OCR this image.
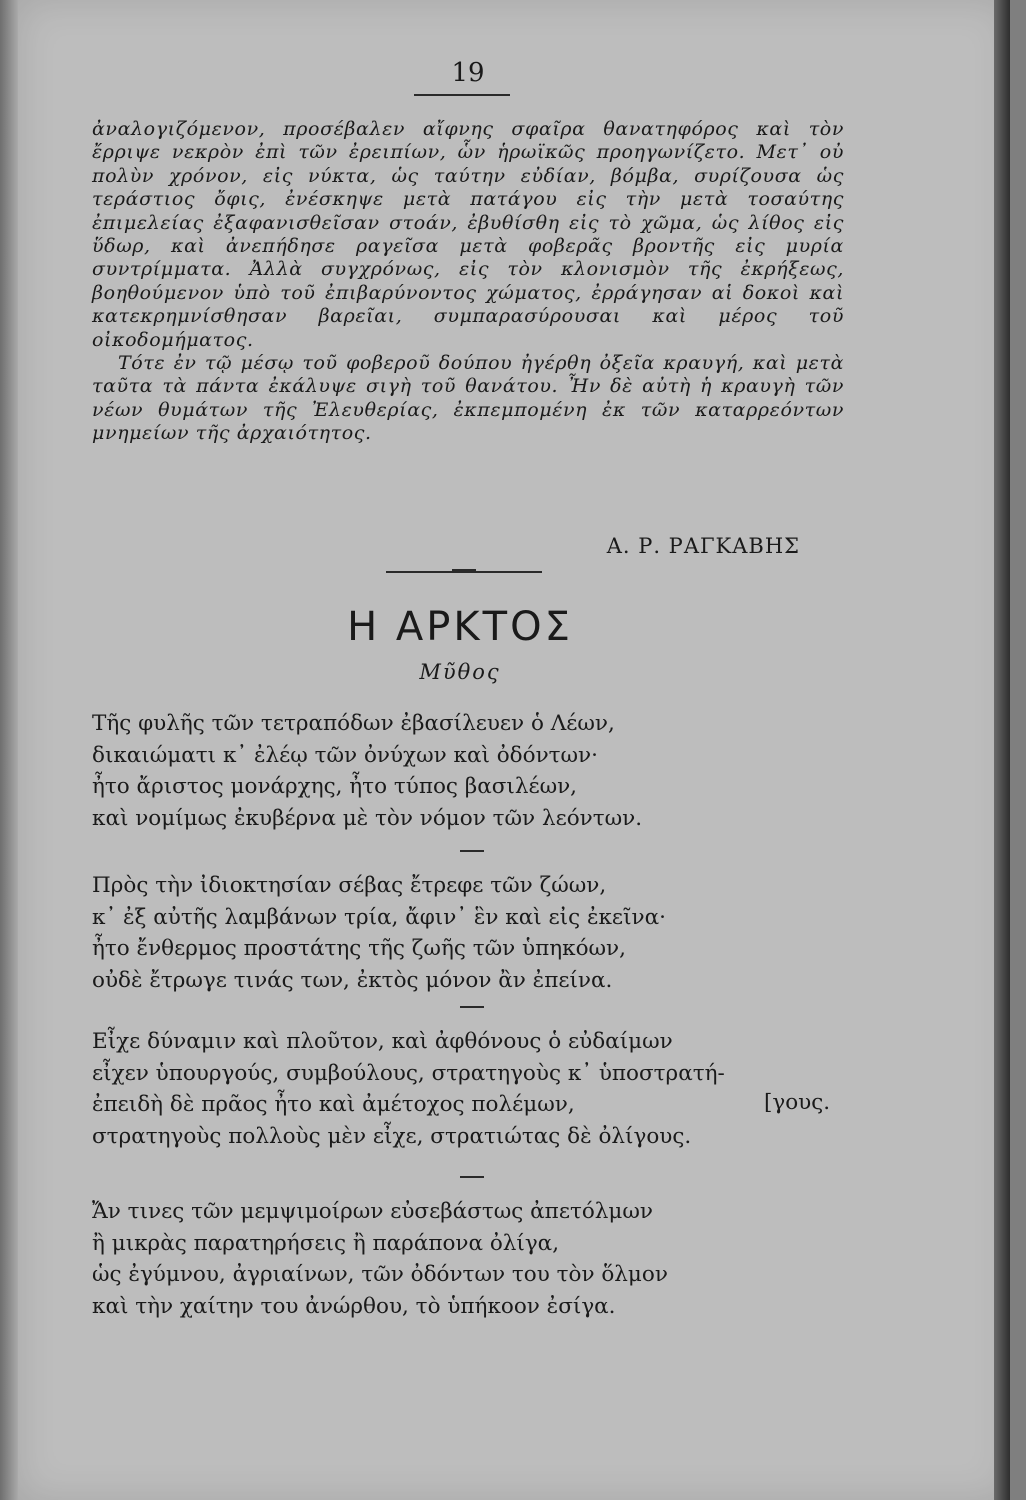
19

ἀναλογιζόμενον, προσέβαλεν αἴφνης σφαῖρα θανατηφόρος καὶ τὸν ἔρριψε νεκρὸν ἐπὶ τῶν ἐρειπίων, ὧν ἡρωϊκῶς προηγωνίζετο. Μετ᾽ οὐ πολὺν χρόνον, εἰς νύκτα, ὡς ταύτην εὐδίαν, βόμβα, συρίζουσα ὡς τεράστιος ὄφις, ἐνέσκηψε μετὰ πατάγου εἰς τὴν μετὰ τοσαύτης ἐπιμελείας ἐξαφανισθεῖσαν στοάν, ἐβυθίσθη εἰς τὸ χῶμα, ὡς λίθος εἰς ὕδωρ, καὶ ἀνεπήδησε ραγεῖσα μετὰ φοβερᾶς βροντῆς εἰς μυρία συντρίμματα. Ἀλλὰ συγχρόνως, εἰς τὸν κλονισμὸν τῆς ἐκρήξεως, βοηθούμενον ὑπὸ τοῦ ἐπιβαρύνοντος χώματος, ἐρράγησαν αἱ δοκοὶ καὶ κατεκρημνίσθησαν βαρεῖαι, συμπαρασύρουσαι καὶ μέρος τοῦ οἰκοδομήματος.

Τότε ἐν τῷ μέσῳ τοῦ φοβεροῦ δούπου ἠγέρθη ὀξεῖα κραυγή, καὶ μετὰ ταῦτα τὰ πάντα ἐκάλυψε σιγὴ τοῦ θανάτου. Ἦν δὲ αὐτὴ ἡ κραυγὴ τῶν νέων θυμάτων τῆς Ἐλευθερίας, ἐκπεμπομένη ἐκ τῶν καταρρεόντων μνημείων τῆς ἀρχαιότητος.

Α. Ρ. ΡΑΓΚΑΒΗΣ
Η ΑΡΚΤΟΣ
Μῦθος
Τῆς φυλῆς τῶν τετραπόδων ἐβασίλευεν ὁ Λέων,
δικαιώματι κ᾽ ἐλέῳ τῶν ὀνύχων καὶ ὀδόντων·
ἦτο ἄριστος μονάρχης, ἦτο τύπος βασιλέων,
καὶ νομίμως ἐκυβέρνα μὲ τὸν νόμον τῶν λεόντων.
Πρὸς τὴν ἰδιοκτησίαν σέβας ἔτρεφε τῶν ζώων,
κ᾽ ἐξ αὐτῆς λαμβάνων τρία, ἄφιν᾽ ἓν καὶ εἰς ἐκεῖνα·
ἦτο ἔνθερμος προστάτης τῆς ζωῆς τῶν ὑπηκόων,
οὐδὲ ἔτρωγε τινάς των, ἐκτὸς μόνον ἂν ἐπείνα.
Εἶχε δύναμιν καὶ πλοῦτον, καὶ ἀφθόνους ὁ εὐδαίμων
εἶχεν ὑπουργούς, συμβούλους, στρατηγοὺς κ᾽ ὑποστρατή-
ἐπειδὴ δὲ πρᾶος ἦτο καὶ ἀμέτοχος πολέμων,
στρατηγοὺς πολλοὺς μὲν εἶχε, στρατιώτας δὲ ὀλίγους.
[γους.
Ἄν τινες τῶν μεμψιμοίρων εὐσεβάστως ἀπετόλμων
ἢ μικρὰς παρατηρήσεις ἢ παράπονα ὀλίγα,
ὡς ἐγύμνου, ἀγριαίνων, τῶν ὀδόντων του τὸν ὅλμον
καὶ τὴν χαίτην του ἀνώρθου, τὸ ὑπήκοον ἐσίγα.
